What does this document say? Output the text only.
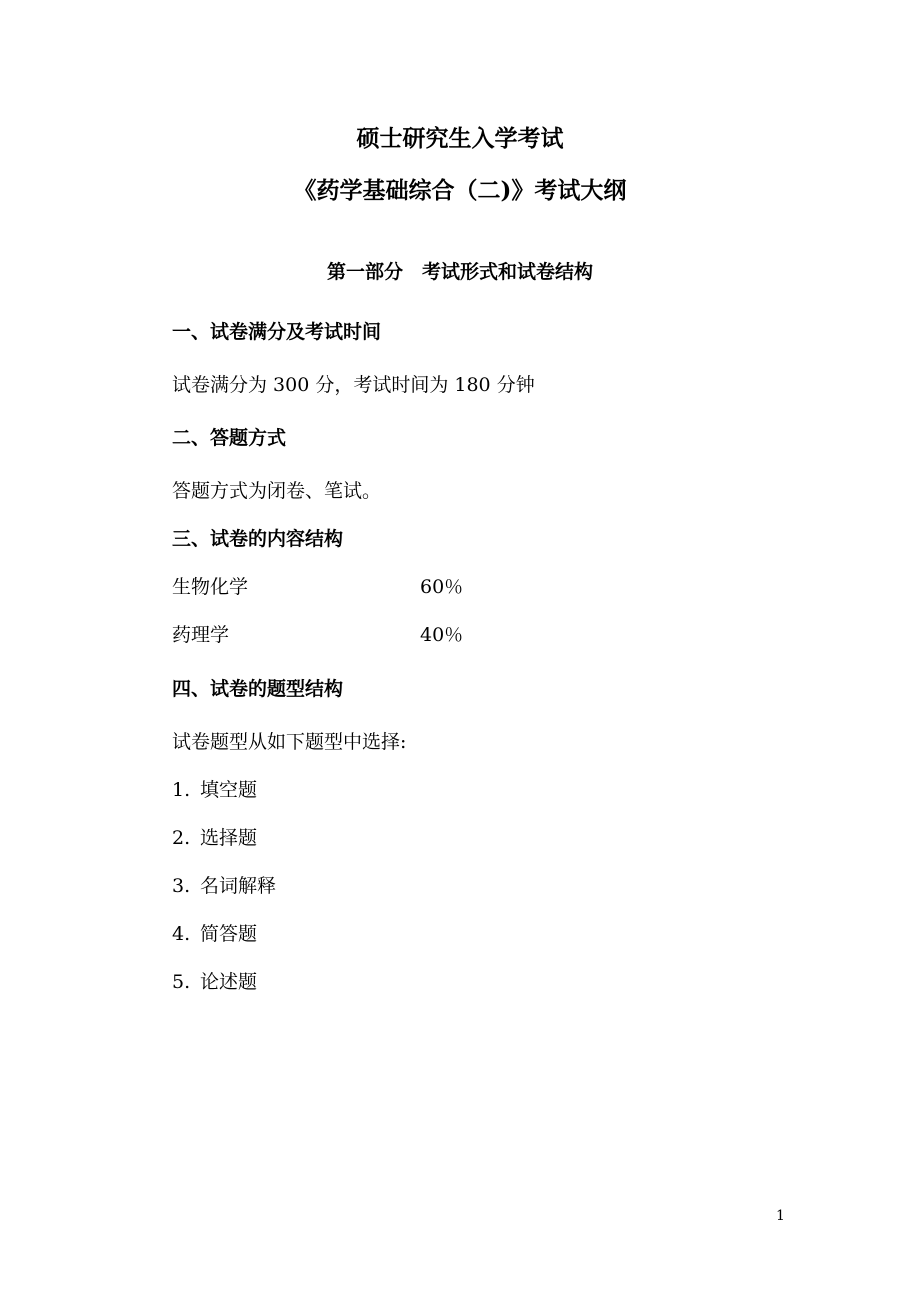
硕士研究生入学考试
《药学基础综合（二)》考试大纲
第一部分　考试形式和试卷结构
一、试卷满分及考试时间
试卷满分为 300 分，考试时间为 180 分钟
二、答题方式
答题方式为闭卷、笔试。
三、试卷的内容结构
生物化学	60％
药理学	40％
四、试卷的题型结构
试卷题型从如下题型中选择:
1. 填空题
2. 选择题
3. 名词解释
4. 简答题
5. 论述题
1
